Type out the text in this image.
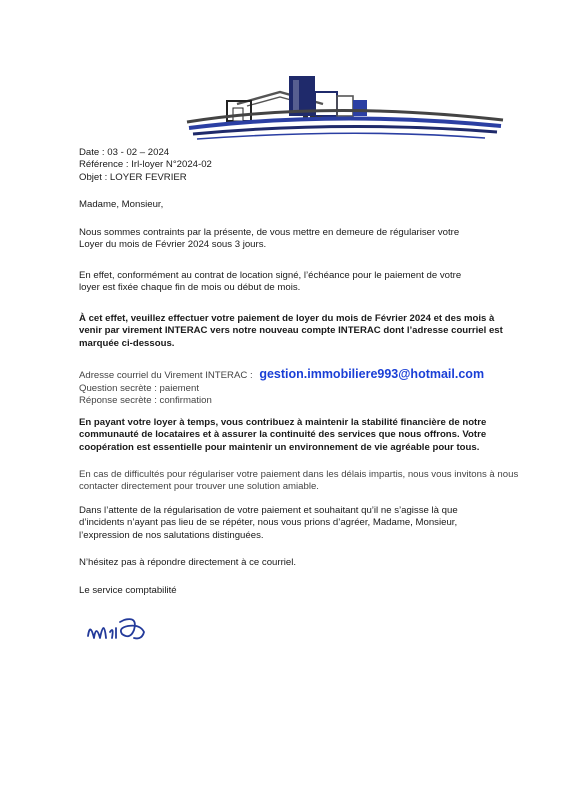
Date : 03 - 02 – 2024

Référence : Irl-loyer N°2024-02

Objet : LOYER FEVRIER

Madame, Monsieur,

Nous sommes contraints par la présente, de vous mettre en demeure de régulariser votre

Loyer du mois de Février 2024 sous 3 jours.

En effet, conformément au contrat de location signé, l’échéance pour le paiement de votre

loyer est fixée chaque fin de mois ou début de mois.

À cet effet, veuillez effectuer votre paiement de loyer du mois de Février 2024 et des mois à

venir par virement INTERAC vers notre nouveau compte INTERAC dont l’adresse courriel est

marquée ci-dessous.

Adresse courriel du Virement INTERAC : gestion.immobiliere993@hotmail.com

Question secrète : paiement

Réponse secrète : confirmation

En payant votre loyer à temps, vous contribuez à maintenir la stabilité financière de notre

communauté de locataires et à assurer la continuité des services que nous offrons. Votre

coopération est essentielle pour maintenir un environnement de vie agréable pour tous.

En cas de difficultés pour régulariser votre paiement dans les délais impartis, nous vous invitons à nous

contacter directement pour trouver une solution amiable.

Dans l’attente de la régularisation de votre paiement et souhaitant qu’il ne s’agisse là que

d’incidents n’ayant pas lieu de se répéter, nous vous prions d’agréer, Madame, Monsieur,

l’expression de nos salutations distinguées.

N’hésitez pas à répondre directement à ce courriel.

Le service comptabilité
